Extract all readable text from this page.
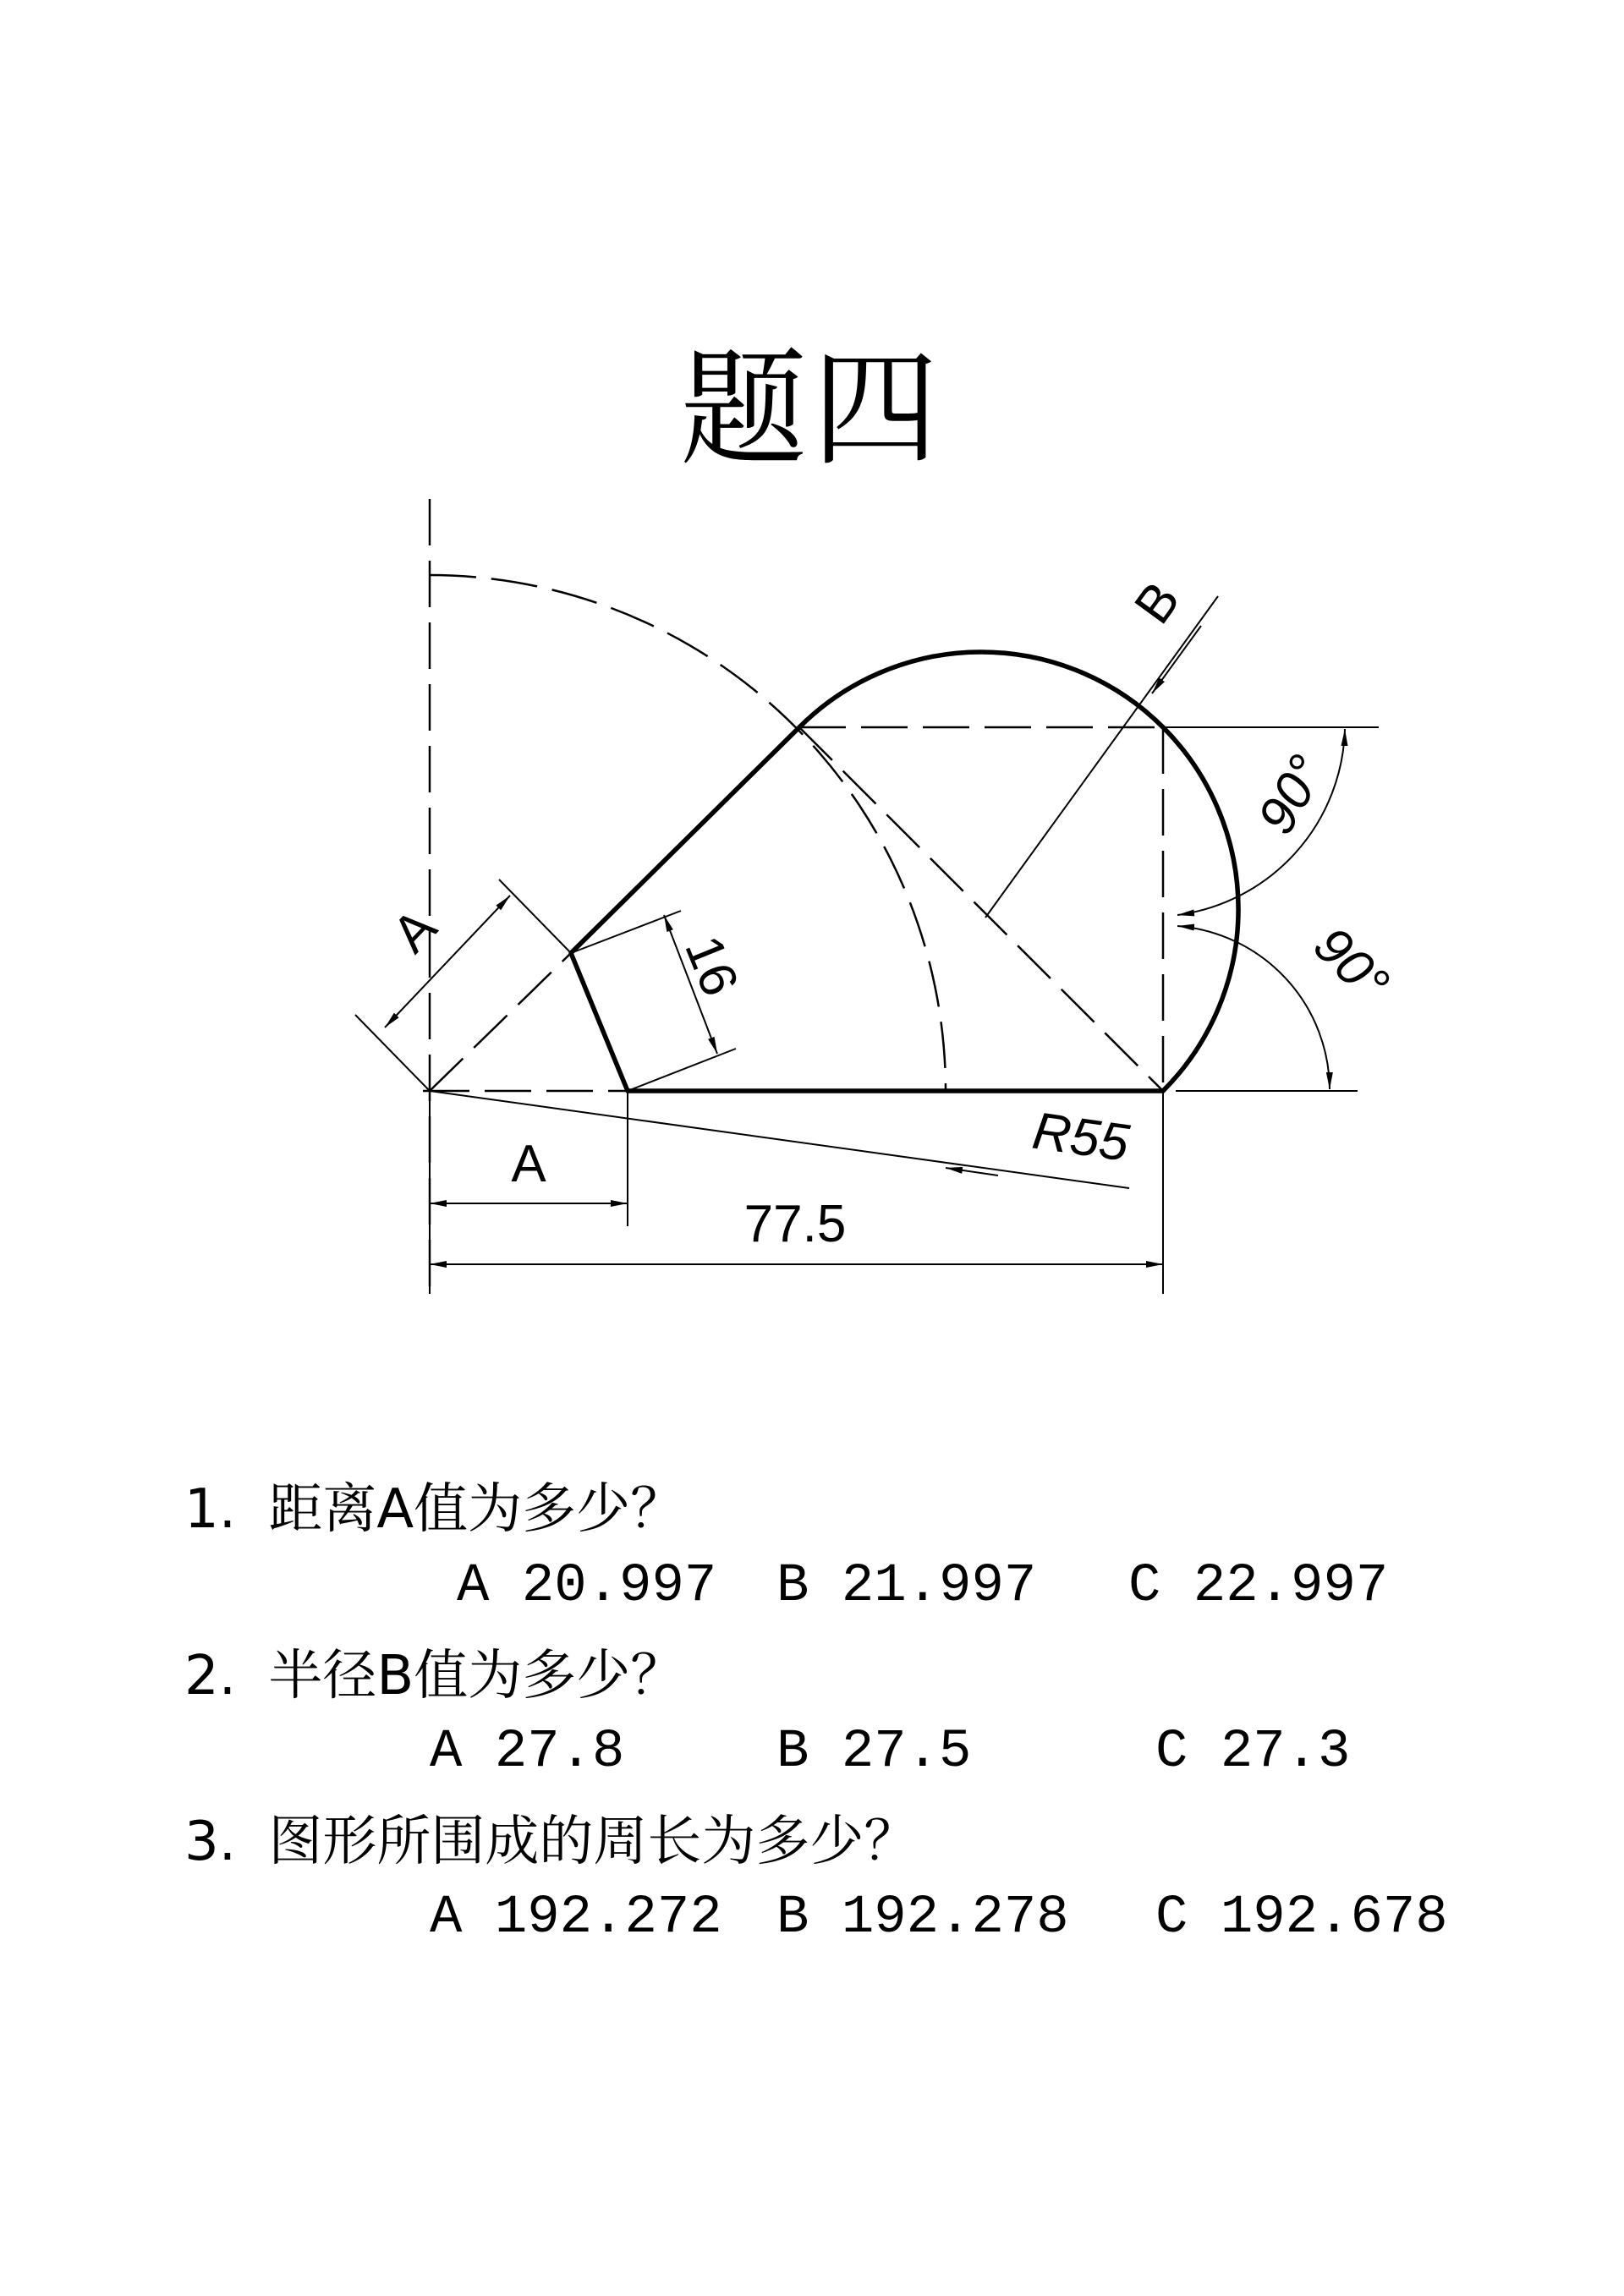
题四
A	16
A
77.5
R55
B
90°
90°
1. 距离A值为多少？
A 20.997 B 21.997 C 22.997
2. 半径B值为多少？
A 27.8	B 27.5	C 27.3
3. 图形所围成的周长为多少？
A 192.272 B 192.278 C 192.678
